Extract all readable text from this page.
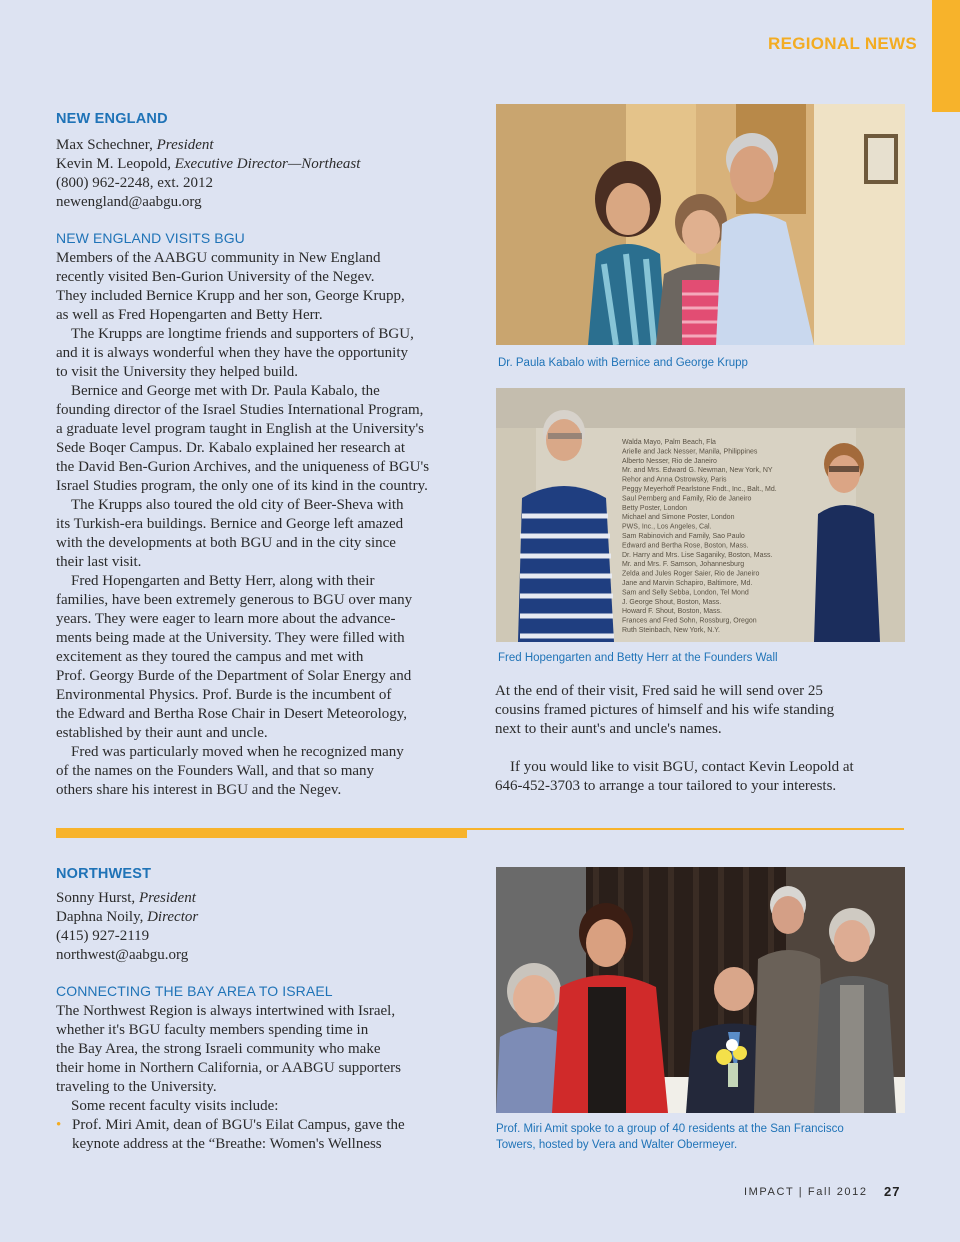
REGIONAL NEWS
NEW ENGLAND
Max Schechner, President
Kevin M. Leopold, Executive Director—Northeast
(800) 962-2248, ext. 2012
newengland@aabgu.org
NEW ENGLAND VISITS BGU
Members of the AABGU community in New England
recently visited Ben-Gurion University of the Negev.
They included Bernice Krupp and her son, George Krupp,
as well as Fred Hopengarten and Betty Herr.
 The Krupps are longtime friends and supporters of BGU,
and it is always wonderful when they have the opportunity
to visit the University they helped build.
 Bernice and George met with Dr. Paula Kabalo, the
founding director of the Israel Studies International Program,
a graduate level program taught in English at the University's
Sede Boqer Campus. Dr. Kabalo explained her research at
the David Ben-Gurion Archives, and the uniqueness of BGU's
Israel Studies program, the only one of its kind in the country.
 The Krupps also toured the old city of Beer-Sheva with
its Turkish-era buildings. Bernice and George left amazed
with the developments at both BGU and in the city since
their last visit.
 Fred Hopengarten and Betty Herr, along with their
families, have been extremely generous to BGU over many
years. They were eager to learn more about the advance-
ments being made at the University. They were filled with
excitement as they toured the campus and met with
Prof. Georgy Burde of the Department of Solar Energy and
Environmental Physics. Prof. Burde is the incumbent of
the Edward and Bertha Rose Chair in Desert Meteorology,
established by their aunt and uncle.
 Fred was particularly moved when he recognized many
of the names on the Founders Wall, and that so many
others share his interest in BGU and the Negev.
Dr. Paula Kabalo with Bernice and George Krupp
Walda Mayo, Palm Beach, Fla
Arielle and Jack Nesser, Manila, Philippines
Alberto Nesser, Rio de Janeiro
Mr. and Mrs. Edward G. Newman, New York, NY
Rehor and Anna Ostrowsky, Paris
Peggy Meyerhoff Pearlstone Fndt., Inc., Balt., Md.
Saul Pernberg and Family, Rio de Janeiro
Betty Poster, London
Michael and Simone Poster, London
PWS, Inc., Los Angeles, Cal.
Sam Rabinovich and Family, Sao Paulo
Edward and Bertha Rose, Boston, Mass.
Dr. Harry and Mrs. Lise Saganiky, Boston, Mass.
Mr. and Mrs. F. Samson, Johannesburg
Zelda and Jules Roger Saier, Rio de Janeiro
Jane and Marvin Schapiro, Baltimore, Md.
Sam and Selly Sebba, London, Tel Mond
J. George Shout, Boston, Mass.
Howard F. Shout, Boston, Mass.
Frances and Fred Sohn, Rossburg, Oregon
Ruth Steinbach, New York, N.Y.
Fred Hopengarten and Betty Herr at the Founders Wall
At the end of their visit, Fred said he will send over 25
cousins framed pictures of himself and his wife standing
next to their aunt's and uncle's names.
 If you would like to visit BGU, contact Kevin Leopold at
646-452-3703 to arrange a tour tailored to your interests.
NORTHWEST
Sonny Hurst, President
Daphna Noily, Director
(415) 927-2119
northwest@aabgu.org
CONNECTING THE BAY AREA TO ISRAEL
The Northwest Region is always intertwined with Israel,
whether it's BGU faculty members spending time in
the Bay Area, the strong Israeli community who make
their home in Northern California, or AABGU supporters
traveling to the University.
 Some recent faculty visits include:
• Prof. Miri Amit, dean of BGU's Eilat Campus, gave the
keynote address at the “Breathe: Women's Wellness
Prof. Miri Amit spoke to a group of 40 residents at the San Francisco
Towers, hosted by Vera and Walter Obermeyer.
IMPACT | Fall 2012 27
